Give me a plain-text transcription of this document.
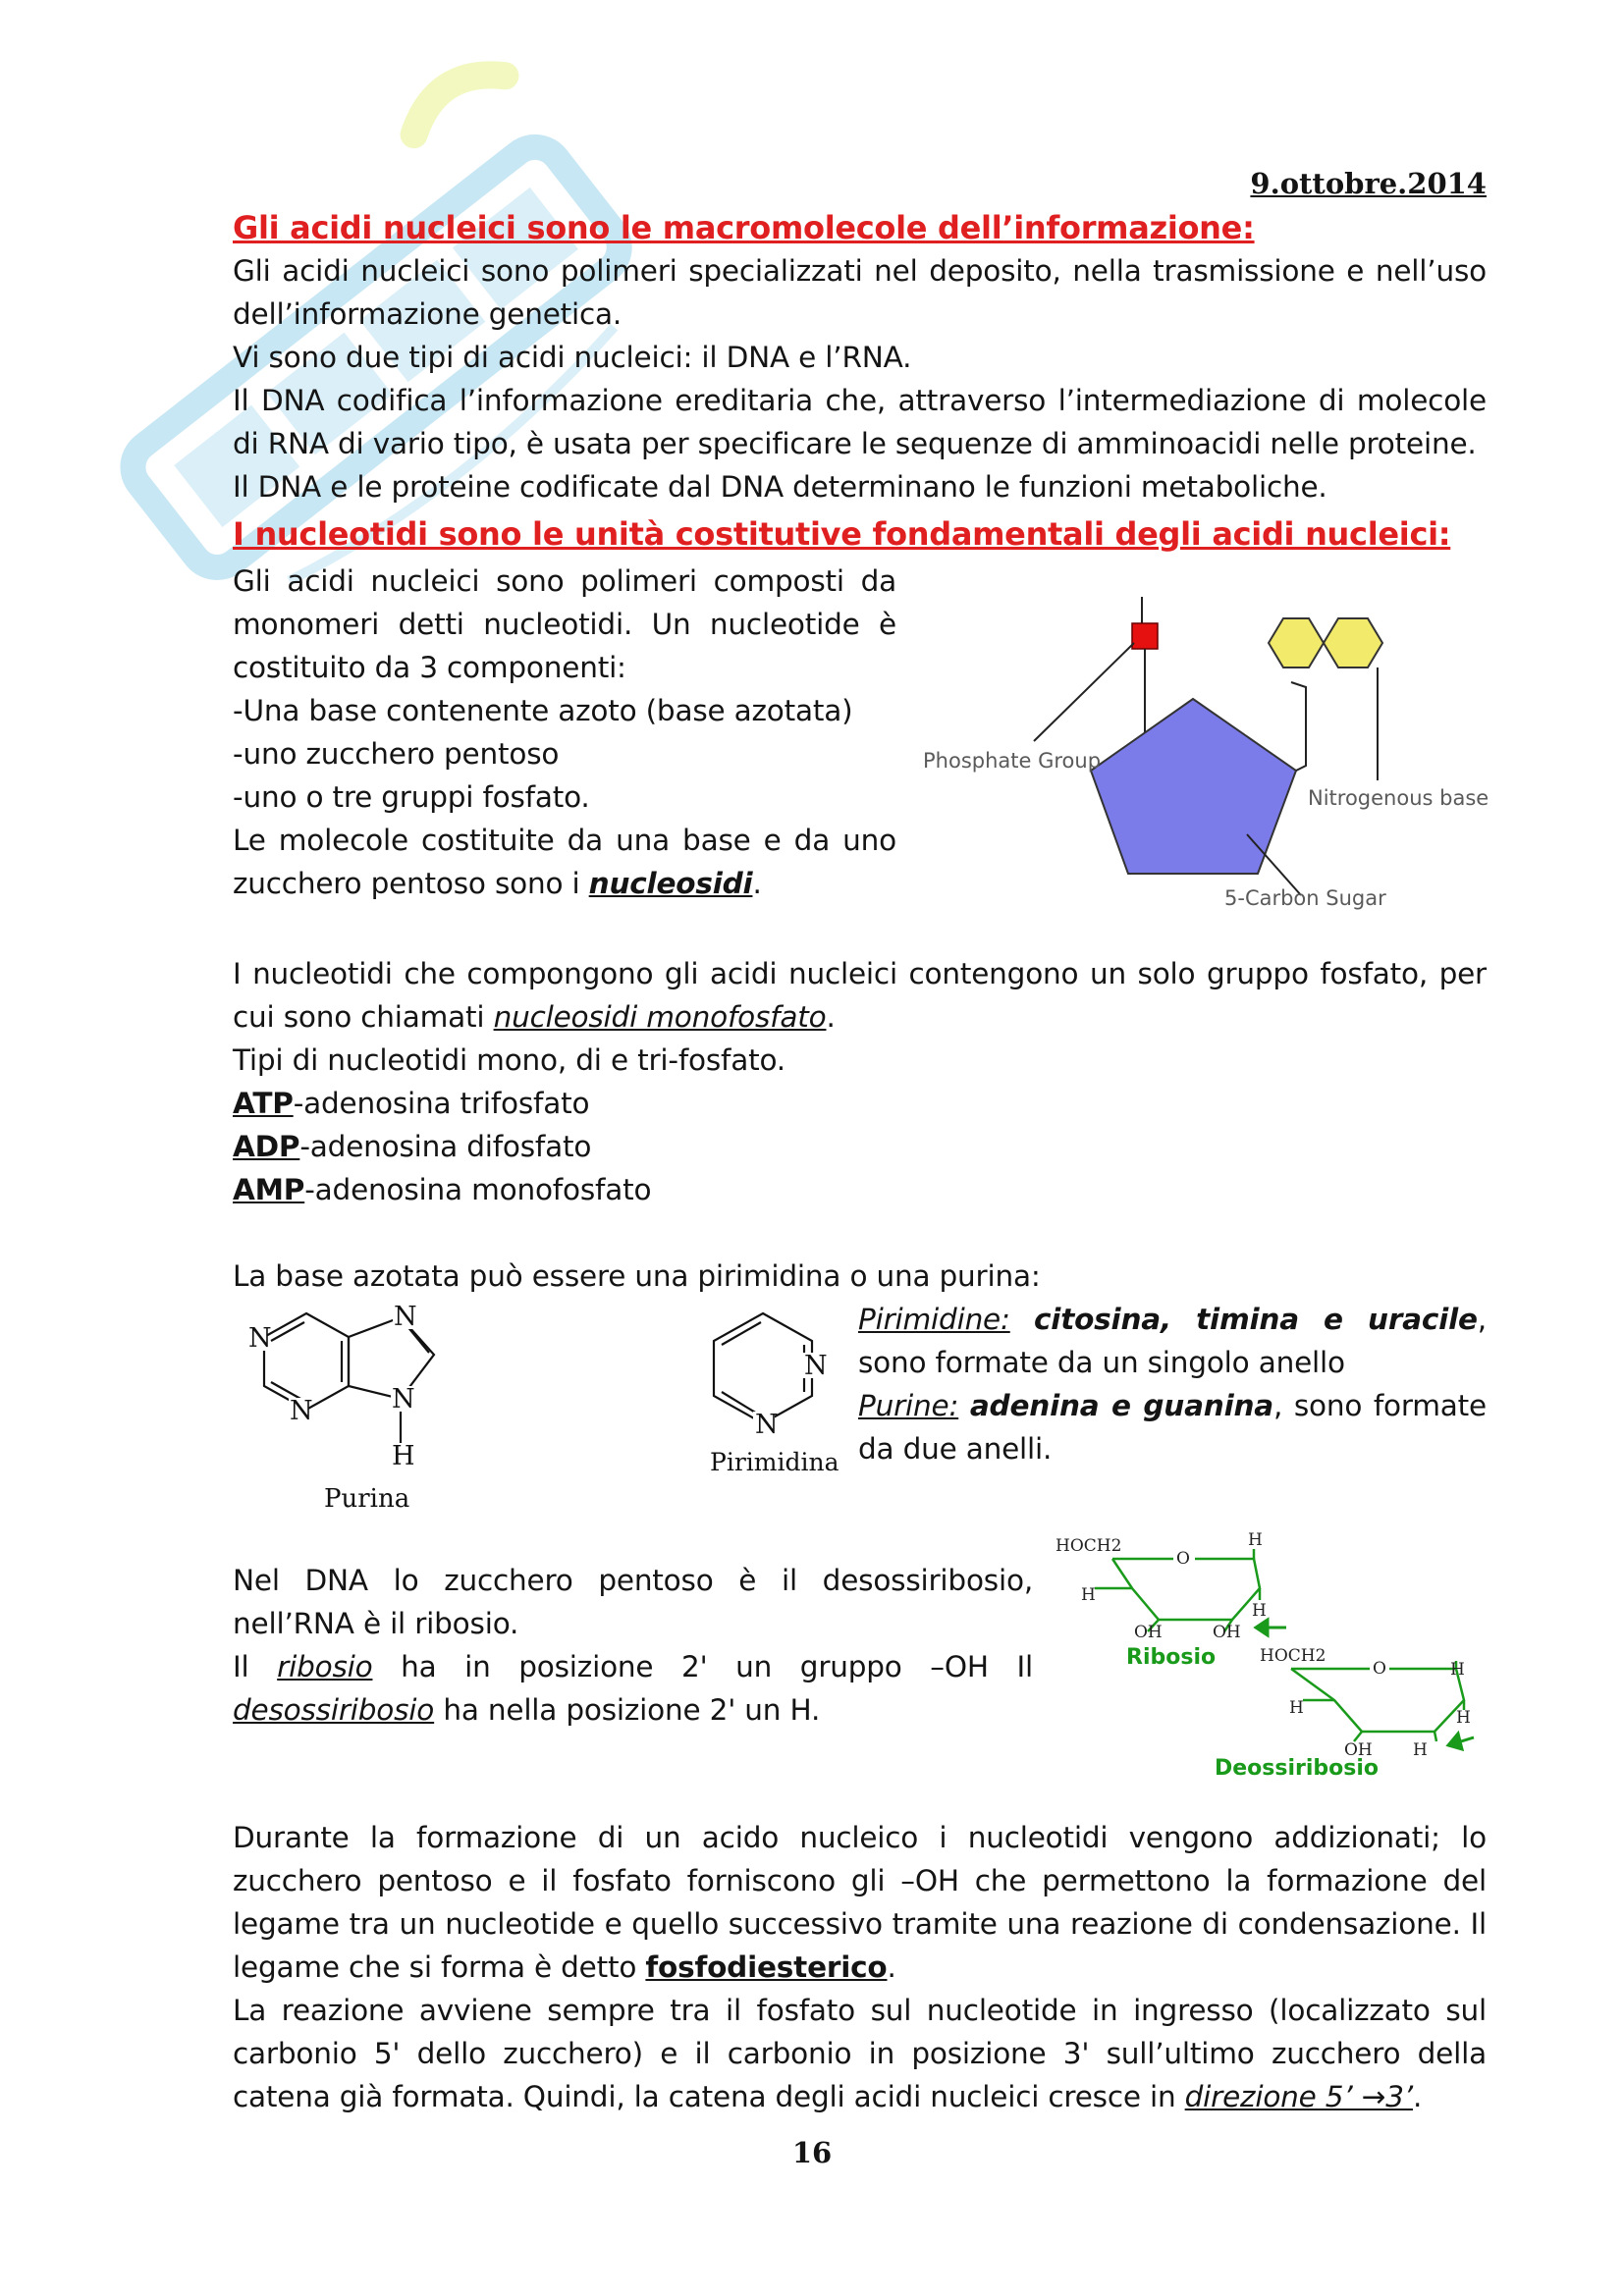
9.ottobre.2014
Gli acidi nucleici sono le macromolecole dell’informazione:

Gli acidi nucleici sono polimeri specializzati nel deposito, nella trasmissione e nell’uso dell’informazione genetica.

Vi sono due tipi di acidi nucleici: il DNA e l’RNA.

Il DNA codifica l’informazione ereditaria che, attraverso l’intermediazione di molecole di RNA di vario tipo, è usata per specificare le sequenze di amminoacidi nelle proteine.

Il DNA e le proteine codificate dal DNA determinano le funzioni metaboliche.

I nucleotidi sono le unità costitutive fondamentali degli acidi nucleici:

Gli acidi nucleici sono polimeri composti da monomeri detti nucleotidi. Un nucleotide è costituito da 3 componenti:

-Una base contenente azoto (base azotata)

-uno zucchero pentoso

-uno o tre gruppi fosfato.

Le molecole costituite da una base e da uno zucchero pentoso sono i nucleosidi.

Phosphate Group
Nitrogenous base
5-Carbon Sugar

I nucleotidi che compongono gli acidi nucleici contengono un solo gruppo fosfato, per cui sono chiamati nucleosidi monofosfato.

Tipi di nucleotidi mono, di e tri-fosfato.

ATP-adenosina trifosfato

ADP-adenosina difosfato

AMP-adenosina monofosfato

La base azotata può essere una pirimidina o una purina:
N
N
N
N
H
Purina
N
N
Pirimidina

Pirimidine: citosina, timina e uracile, sono formate da un singolo anello

Purine: adenina e guanina, sono formate da due anelli.

Nel DNA lo zucchero pentoso è il desossiribosio, nell’RNA è il ribosio.

Il ribosio ha in posizione 2' un gruppo –OH Il desossiribosio ha nella posizione 2' un H.

HOCH2
O
H
H
H
OH	OH
Ribosio	HOCH2
O	H
H	H
OH H
Deossiribosio

Durante la formazione di un acido nucleico i nucleotidi vengono addizionati; lo zucchero pentoso e il fosfato forniscono gli –OH che permettono la formazione del legame tra un nucleotide e quello successivo tramite una reazione di condensazione. Il legame che si forma è detto fosfodiesterico.

La reazione avviene sempre tra il fosfato sul nucleotide in ingresso (localizzato sul carbonio 5' dello zucchero) e il carbonio in posizione 3' sull’ultimo zucchero della catena già formata. Quindi, la catena degli acidi nucleici cresce in direzione 5’ →3’.

16
